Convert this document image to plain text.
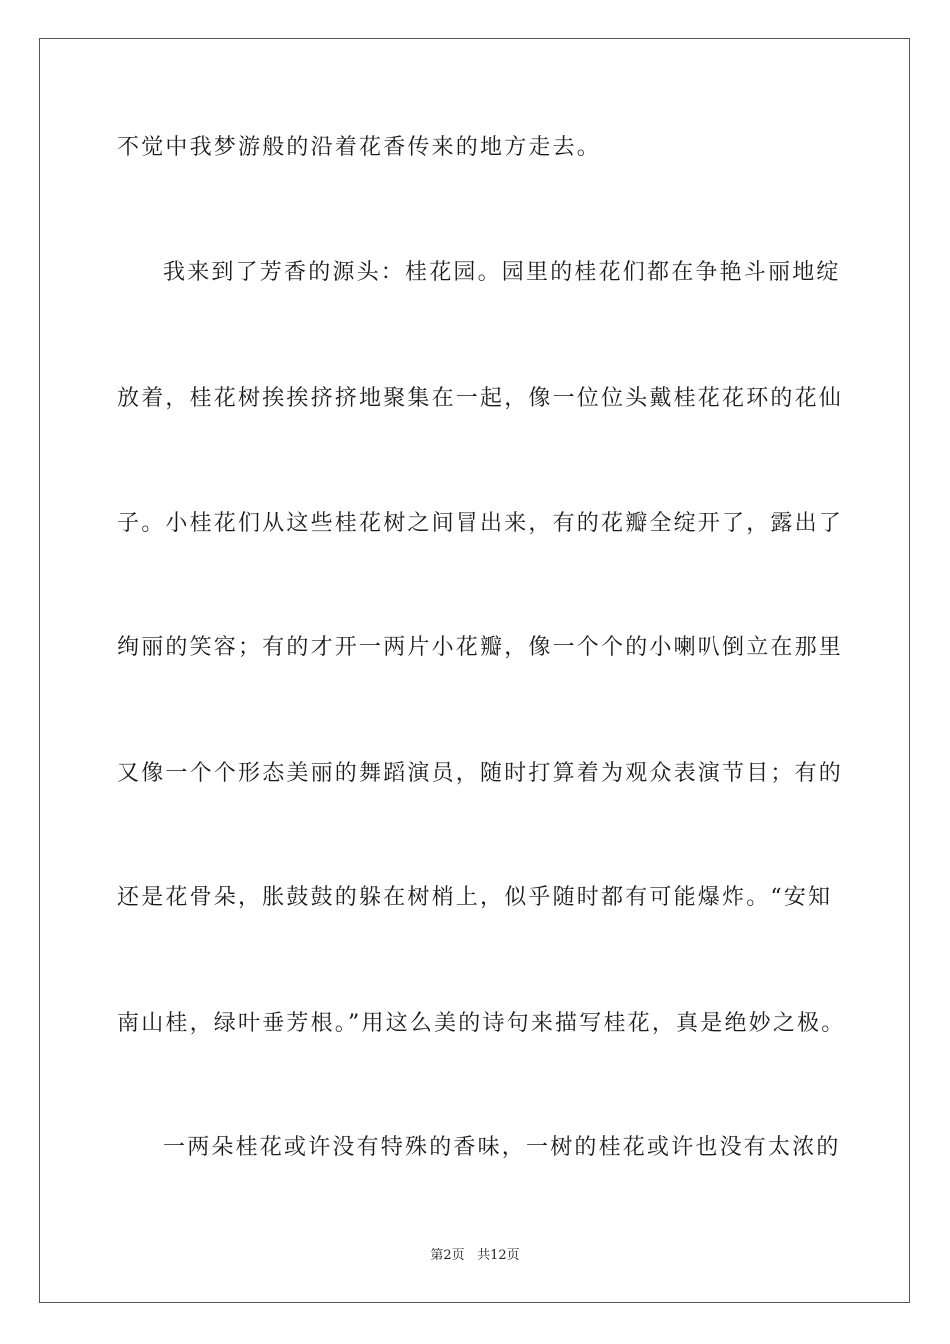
不觉中我梦游般的沿着花香传来的地方走去。
我来到了芳香的源头：桂花园。园里的桂花们都在争艳斗丽地绽
放着，桂花树挨挨挤挤地聚集在一起，像一位位头戴桂花花环的花仙
子。小桂花们从这些桂花树之间冒出来，有的花瓣全绽开了，露出了
绚丽的笑容；有的才开一两片小花瓣，像一个个的小喇叭倒立在那里
又像一个个形态美丽的舞蹈演员，随时打算着为观众表演节目；有的
还是花骨朵，胀鼓鼓的躲在树梢上，似乎随时都有可能爆炸。“安知
南山桂，绿叶垂芳根。”用这么美的诗句来描写桂花，真是绝妙之极。
一两朵桂花或许没有特殊的香味，一树的桂花或许也没有太浓的
第2页 共12页
